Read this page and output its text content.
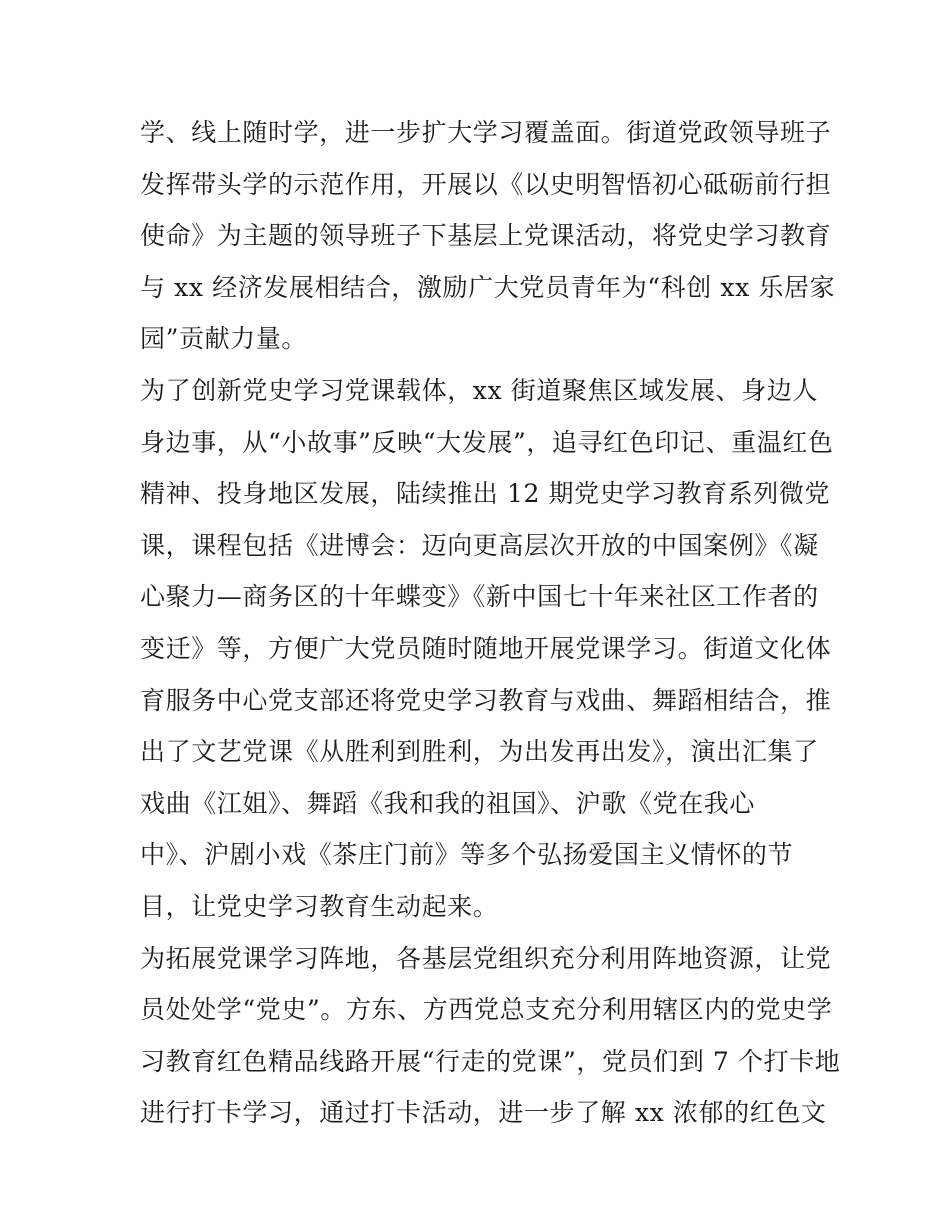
学、线上随时学，进一步扩大学习覆盖面。街道党政领导班子
发挥带头学的示范作用，开展以《以史明智悟初心砥砺前行担
使命》为主题的领导班子下基层上党课活动，将党史学习教育
与 xx 经济发展相结合，激励广大党员青年为“科创 xx 乐居家
园”贡献力量。
为了创新党史学习党课载体，xx 街道聚焦区域发展、身边人
身边事，从“小故事”反映“大发展”，追寻红色印记、重温红色
精神、投身地区发展，陆续推出 12 期党史学习教育系列微党
课，课程包括《进博会：迈向更高层次开放的中国案例》《凝
心聚力—商务区的十年蝶变》《新中国七十年来社区工作者的
变迁》等，方便广大党员随时随地开展党课学习。街道文化体
育服务中心党支部还将党史学习教育与戏曲、舞蹈相结合，推
出了文艺党课《从胜利到胜利，为出发再出发》，演出汇集了
戏曲《江姐》、舞蹈《我和我的祖国》、沪歌《党在我心
中》、沪剧小戏《茶庄门前》等多个弘扬爱国主义情怀的节
目，让党史学习教育生动起来。
为拓展党课学习阵地，各基层党组织充分利用阵地资源，让党
员处处学“党史”。方东、方西党总支充分利用辖区内的党史学
习教育红色精品线路开展“行走的党课”，党员们到 7 个打卡地
进行打卡学习，通过打卡活动，进一步了解 xx 浓郁的红色文
